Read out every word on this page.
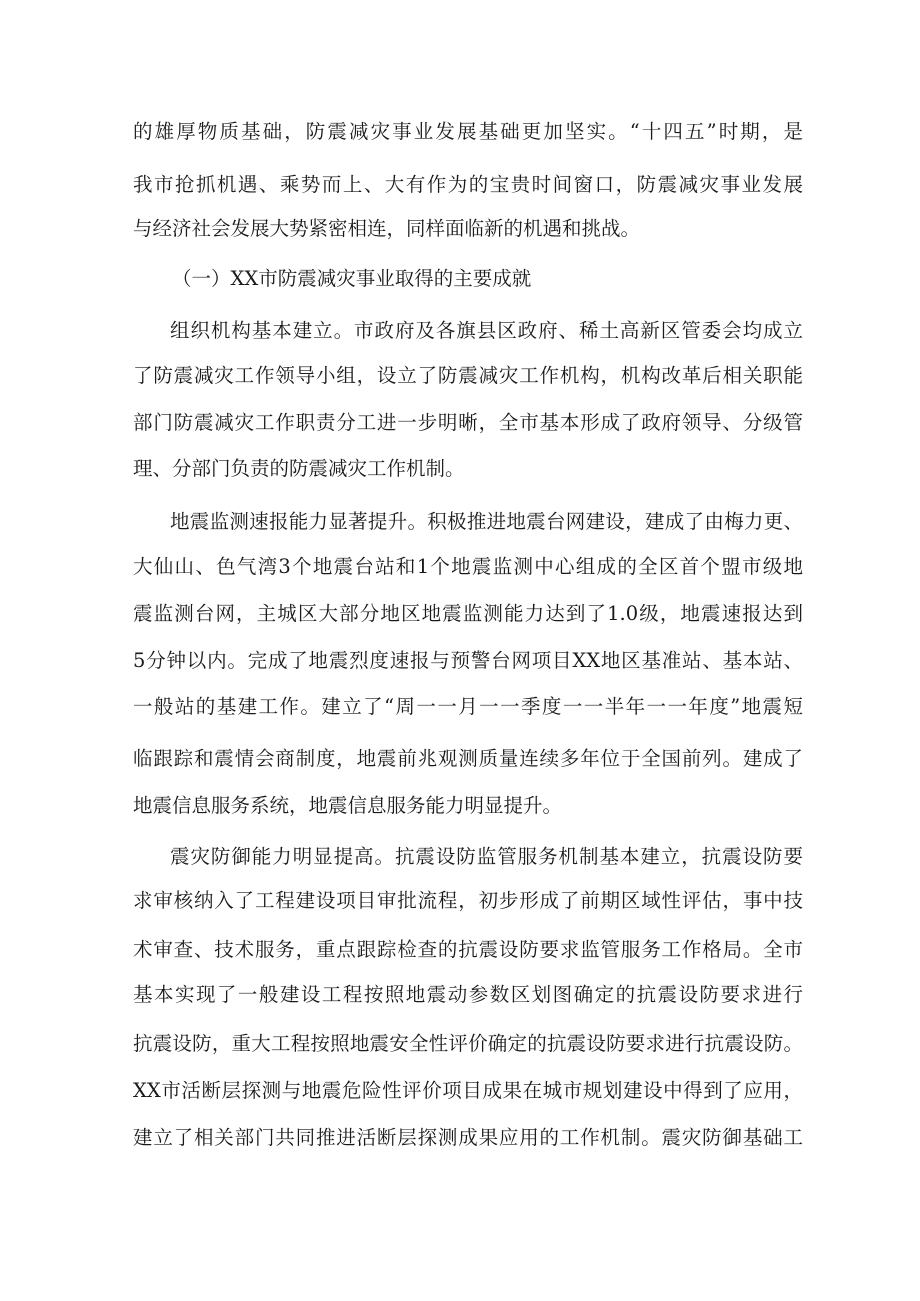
的雄厚物质基础，防震减灾事业发展基础更加坚实。“十四五”时期，是
我市抢抓机遇、乘势而上、大有作为的宝贵时间窗口，防震减灾事业发展
与经济社会发展大势紧密相连，同样面临新的机遇和挑战。
（一）XX市防震减灾事业取得的主要成就
组织机构基本建立。市政府及各旗县区政府、稀土高新区管委会均成立
了防震减灾工作领导小组，设立了防震减灾工作机构，机构改革后相关职能
部门防震减灾工作职责分工进一步明晰，全市基本形成了政府领导、分级管
理、分部门负责的防震减灾工作机制。
地震监测速报能力显著提升。积极推进地震台网建设，建成了由梅力更、
大仙山、色气湾3个地震台站和1个地震监测中心组成的全区首个盟市级地
震监测台网，主城区大部分地区地震监测能力达到了1.0级，地震速报达到
5分钟以内。完成了地震烈度速报与预警台网项目XX地区基准站、基本站、
一般站的基建工作。建立了“周一一月一一季度一一半年一一年度”地震短
临跟踪和震情会商制度，地震前兆观测质量连续多年位于全国前列。建成了
地震信息服务系统，地震信息服务能力明显提升。
震灾防御能力明显提高。抗震设防监管服务机制基本建立，抗震设防要
求审核纳入了工程建设项目审批流程，初步形成了前期区域性评估，事中技
术审查、技术服务，重点跟踪检查的抗震设防要求监管服务工作格局。全市
基本实现了一般建设工程按照地震动参数区划图确定的抗震设防要求进行
抗震设防，重大工程按照地震安全性评价确定的抗震设防要求进行抗震设防。
XX市活断层探测与地震危险性评价项目成果在城市规划建设中得到了应用，
建立了相关部门共同推进活断层探测成果应用的工作机制。震灾防御基础工
